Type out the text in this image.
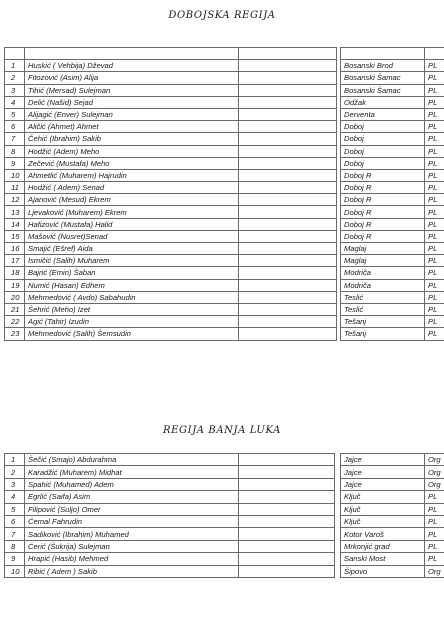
DOBOJSKA REGIJA

1	Huskić ( Vehbija) Dževad			Bosanski Brod	PL
2	Fitozović (Asim) Alija			Bosanski Šamac	PL
3	Tihić (Mersad) Sulejman			Bosanski Šamac	PL
4	Delić (Našid) Sejad			Odžak	PL
5	Alijagić (Enver) Sulejman			Derventa	PL
6	Aličić (Ahmet) Ahmet			Doboj	PL
7	Čehić (Ibrahim) Sakib			Doboj	PL
8	Hodžić (Adem) Meho			Doboj	PL
9	Zečević (Mustafa) Meho			Doboj	PL
10	Ahmetlić (Muharem) Hajrudin			Doboj R	PL
11	Hodžić ( Adem) Senad			Doboj R	PL
12	Ajanović (Mesud) Ekrem			Doboj R	PL
13	Ljevaković (Muharem) Ekrem			Doboj R	PL
14	Hafizović (Mustafa) Halid			Doboj R	PL
15	Mašović (Nusret)Senad			Doboj R	PL
16	Smajić (Ešref) Aida			Maglaj	PL
17	Ismičić (Salih) Muharem			Maglaj	PL
18	Bajrić (Emin) Šaban			Modriča	PL
19	Numić (Hasan) Edhem			Modriča	PL
20	Mehmedović ( Avdo) Sabahudin			Teslić	PL
21	Šehrić (Meho) Izet			Teslić	PL
22	Agić (Tahir) Izudin			Tešanj	PL
23	Mehmedović (Salih) Šemsudin			Tešanj	PL
REGIJA BANJA LUKA
1	Šečić (Smajo) Abdurahma			Jajce	Org
2	Karadžić (Muharem) Midhat			Jajce	Org
3	Spahić (Muhamed) Adem			Jajce	Org
4	Egrlić (Saifa) Asim			Ključ	PL
5	Filipović (Suljo) Omer			Ključ	PL
6	Ćemal Fahrudin			Ključ	PL
7	Sadiković (Ibrahim) Muhamed			Kotor Varoš	PL
8	Ćerić (Šukrija) Sulejman			Mrkonjić grad	PL
9	Hrapić (Hasib) Mehmed			Sanski Most	PL
10	Ribić ( Adem ) Sakib			Šipovo	Org
